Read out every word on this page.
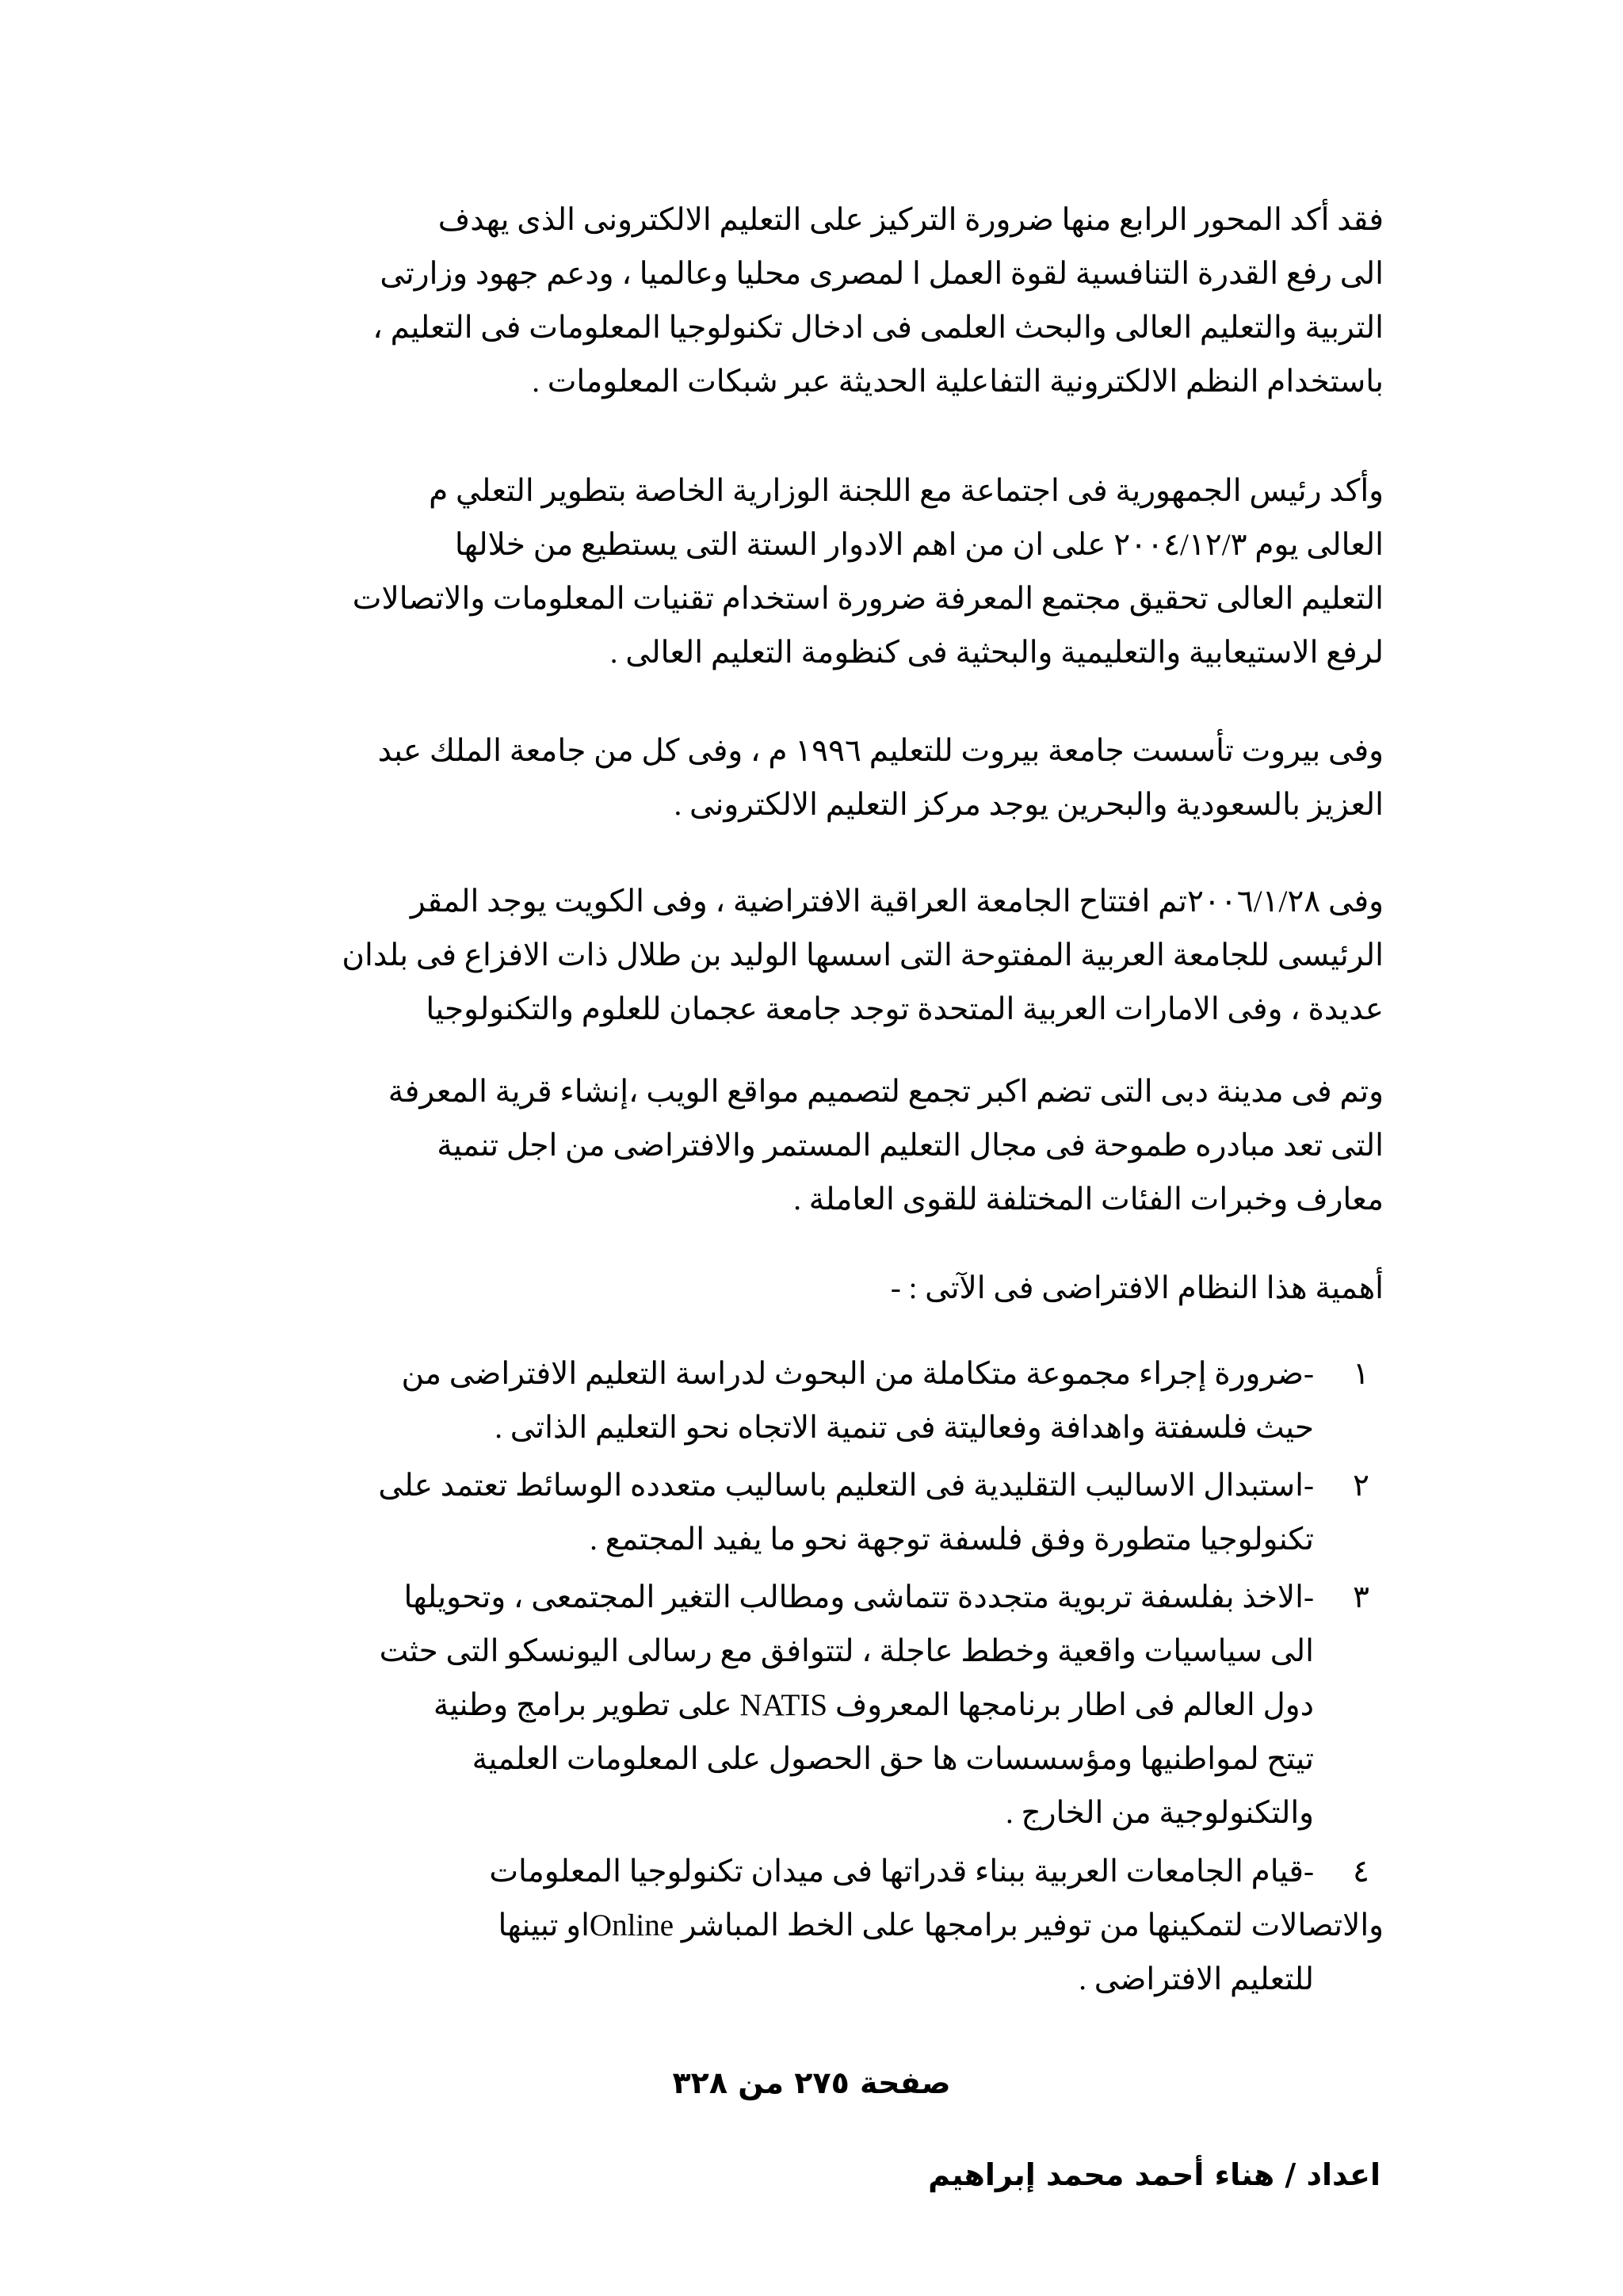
فقد أكد المحور الرابع منها ضرورة التركيز على التعليم الالكترونى الذى يهدف
الى رفع القدرة التنافسية لقوة العمل ا لمصرى محليا وعالميا ، ودعم جهود وزارتى
التربية والتعليم العالى والبحث العلمى فى ادخال تكنولوجيا المعلومات فى التعليم ،
باستخدام النظم الالكترونية التفاعلية الحديثة عبر شبكات المعلومات .
وأكد رئيس الجمهورية فى اجتماعة مع اللجنة الوزارية الخاصة بتطوير التعلي م
العالى يوم ٢٠٠٤/١٢/٣ على ان من اهم الادوار الستة التى يستطيع من خلالها
التعليم العالى تحقيق مجتمع المعرفة ضرورة استخدام تقنيات المعلومات والاتصالات
لرفع الاستيعابية والتعليمية والبحثية فى كنظومة التعليم العالى .
وفى بيروت تأسست جامعة بيروت للتعليم ١٩٩٦ م ، وفى كل من جامعة الملك عبد
العزيز بالسعودية والبحرين يوجد مركز التعليم الالكترونى .
وفى ٢٠٠٦/١/٢٨تم افتتاح الجامعة العراقية الافتراضية ، وفى الكويت يوجد المقر
الرئيسى للجامعة العربية المفتوحة التى اسسها الوليد بن طلال ذات الافزاع فى بلدان
عديدة ، وفى الامارات العربية المتحدة توجد جامعة عجمان للعلوم والتكنولوجيا
وتم فى مدينة دبى التى تضم اكبر تجمع لتصميم مواقع الويب ،إنشاء قرية المعرفة
التى تعد مبادره طموحة فى مجال التعليم المستمر والافتراضى من اجل تنمية
معارف وخبرات الفئات المختلفة للقوى العاملة .
أهمية هذا النظام الافتراضى فى الآتى : -
١
-ضرورة إجراء مجموعة متكاملة من البحوث لدراسة التعليم الافتراضى من
حيث فلسفتة واهدافة وفعاليتة فى تنمية الاتجاه نحو التعليم الذاتى .
٢
-استبدال الاساليب التقليدية فى التعليم باساليب متعدده الوسائط تعتمد على
تكنولوجيا متطورة وفق فلسفة توجهة نحو ما يفيد المجتمع .
٣
-الاخذ بفلسفة تربوية متجددة تتماشى ومطالب التغير المجتمعى ، وتحويلها
الى سياسيات واقعية وخطط عاجلة ، لتتوافق مع رسالى اليونسكو التى حثت
دول العالم فى اطار برنامجها المعروف NATIS على تطوير برامج وطنية
تيتح لمواطنيها ومؤسسسات ها حق الحصول على المعلومات العلمية
والتكنولوجية من الخارج .
٤
-قيام الجامعات العربية ببناء قدراتها فى ميدان تكنولوجيا المعلومات
والاتصالات لتمكينها من توفير برامجها على الخط المباشر Onlineاو تبينها
للتعليم الافتراضى .
صفحة ٢٧٥ من ٣٢٨
اعداد / هناء أحمد محمد إبراهيم
